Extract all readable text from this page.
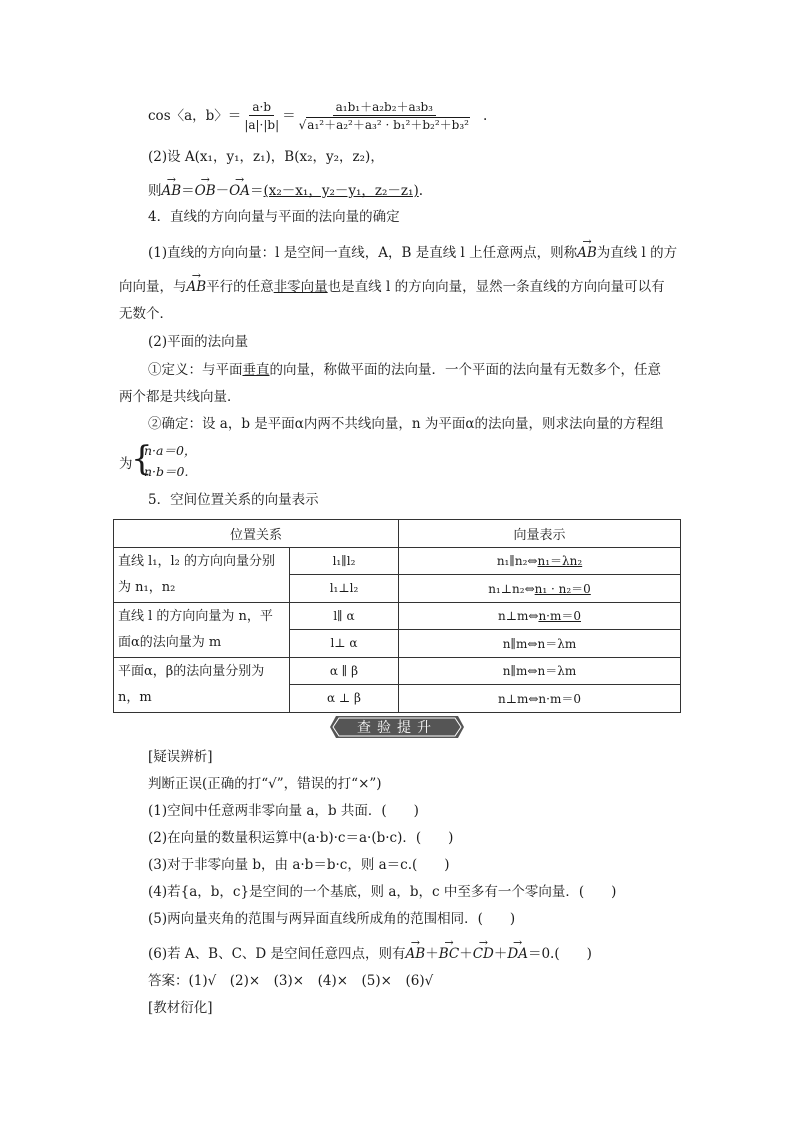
cos〈a，b〉＝ $\frac{a\cdot b}{|a|\cdot|b|} = \frac{\text{a₁b₁＋a₂b₂＋a₃b₃}}{\text{√a₁²＋a₂²＋a₃² · b₁²＋b₂²＋b₃²}}$ .
(2)设 A(x₁，y₁，z₁)，B(x₂，y₂，z₂)，
则→ AB＝→ OB－→ OA＝(x₂－x₁，y₂－y₁，z₂－z₁).
4．直线的方向向量与平面的法向量的确定
(1)直线的方向向量：l 是空间一直线，A，B 是直线 l 上任意两点，则称→ AB为直线 l 的方
向向量，与→ AB平行的任意非零向量也是直线 l 的方向向量，显然一条直线的方向向量可以有
无数个．
(2)平面的法向量
①定义：与平面垂直的向量，称做平面的法向量．一个平面的法向量有无数多个，任意
两个都是共线向量．
②确定：设 a，b 是平面α内两不共线向量，n 为平面α的法向量，则求法向量的方程组
为
{
n·a＝0，
n·b＝0.
5．空间位置关系的向量表示
位置关系		向量表示

直线 l₁，l₂ 的方向向量分别
为 n₁，n₂	l₁∥l₂	n₁∥n₂⇔n₁＝λn₂
	l₁⊥l₂	n₁⊥n₂⇔n₁ · n₂＝0

直线 l 的方向向量为 n，平
面α的法向量为 m	l∥ α	n⊥m⇔n·m＝0
	l⊥ α	n∥m⇔n＝λm

平面α，β的法向量分别为
n，m	α ∥ β	n∥m⇔n＝λm
	α ⊥ β	n⊥m⇔n·m＝0
查验提升
[疑误辨析]
判断正误(正确的打“√”，错误的打“×”)
(1)空间中任意两非零向量 a，b 共面．(　　)
(2)在向量的数量积运算中(a·b)·c＝a·(b·c)．(　　)
(3)对于非零向量 b，由 a·b＝b·c，则 a＝c.(　　)
(4)若{a，b，c}是空间的一个基底，则 a，b，c 中至多有一个零向量．(　　)
(5)两向量夹角的范围与两异面直线所成角的范围相同．(　　)
(6)若 A、B、C、D 是空间任意四点，则有→ AB＋→ BC＋→ CD＋→ DA＝0.(　　)
答案：(1)√　(2)×　(3)×　(4)×　(5)×　(6)√
[教材衍化]
